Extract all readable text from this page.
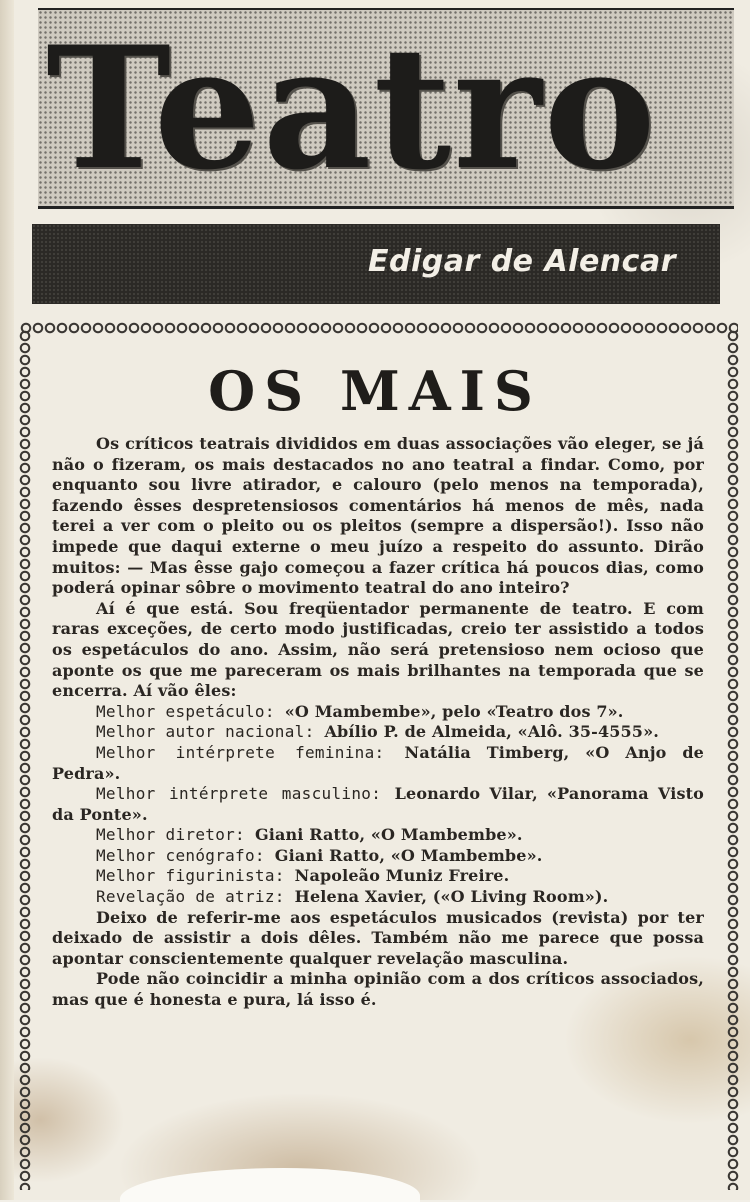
Teatro
Edigar de Alencar
OS MAIS

Os críticos teatrais divididos em duas associações vão eleger, se já não o fizeram, os mais destacados no ano teatral a findar. Como, por enquanto sou livre atirador, e calouro (pelo menos na temporada), fazendo êsses despretensiosos comentários há menos de mês, nada terei a ver com o pleito ou os pleitos (sempre a dispersão!). Isso não impede que daqui externe o meu juízo a respeito do assunto. Dirão muitos: — Mas êsse gajo começou a fazer crítica há poucos dias, como poderá opinar sôbre o movimento teatral do ano inteiro?

Aí é que está. Sou freqüentador permanente de teatro. E com raras exceções, de certo modo justificadas, creio ter assistido a todos os espetáculos do ano. Assim, não será pretensioso nem ocioso que aponte os que me pareceram os mais brilhantes na temporada que se encerra. Aí vão êles:

Melhor espetáculo: «O Mambembe», pelo «Teatro dos 7».

Melhor autor nacional: Abílio P. de Almeida, «Alô. 35-4555».

Melhor intérprete feminina: Natália Timberg, «O Anjo de Pedra».

Melhor intérprete masculino: Leonardo Vilar, «Panorama Visto da Ponte».

Melhor diretor: Giani Ratto, «O Mambembe».

Melhor cenógrafo: Giani Ratto, «O Mambembe».

Melhor figurinista: Napoleão Muniz Freire.

Revelação de atriz: Helena Xavier, («O Living Room»).

Deixo de referir-me aos espetáculos musicados (revista) por ter deixado de assistir a dois dêles. Também não me parece que possa apontar conscientemente qualquer revelação masculina.

Pode não coincidir a minha opinião com a dos críticos associados, mas que é honesta e pura, lá isso é.
